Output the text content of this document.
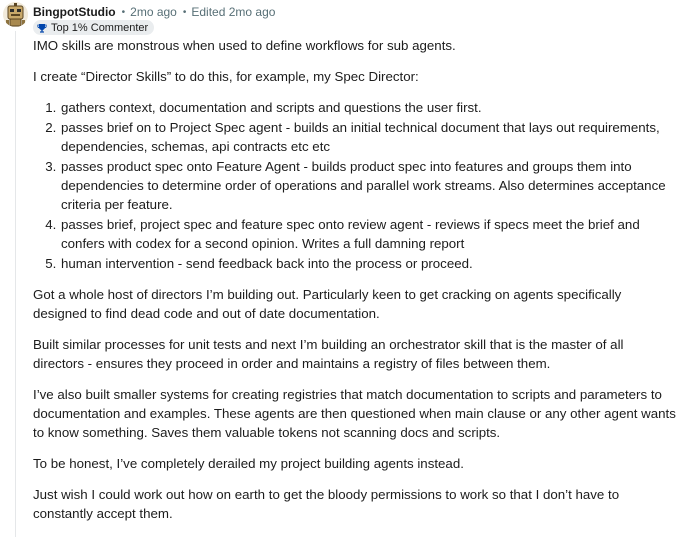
BingpotStudio • 2mo ago • Edited 2mo ago
Top 1% Commenter

IMO skills are monstrous when used to define workflows for sub agents.

I create “Director Skills” to do this, for example, my Spec Director:

1. gathers context, documentation and scripts and questions the user first.
2. passes brief on to Project Spec agent - builds an initial technical document that lays out requirements, dependencies, schemas, api contracts etc etc
3. passes product spec onto Feature Agent - builds product spec into features and groups them into dependencies to determine order of operations and parallel work streams. Also determines acceptance criteria per feature.
4. passes brief, project spec and feature spec onto review agent - reviews if specs meet the brief and confers with codex for a second opinion. Writes a full damning report
5. human intervention - send feedback back into the process or proceed.

Got a whole host of directors I’m building out. Particularly keen to get cracking on agents specifically designed to find dead code and out of date documentation.

Built similar processes for unit tests and next I’m building an orchestrator skill that is the master of all directors - ensures they proceed in order and maintains a registry of files between them.

I’ve also built smaller systems for creating registries that match documentation to scripts and parameters to documentation and examples. These agents are then questioned when main clause or any other agent wants to know something. Saves them valuable tokens not scanning docs and scripts.

To be honest, I’ve completely derailed my project building agents instead.

Just wish I could work out how on earth to get the bloody permissions to work so that I don’t have to constantly accept them.
